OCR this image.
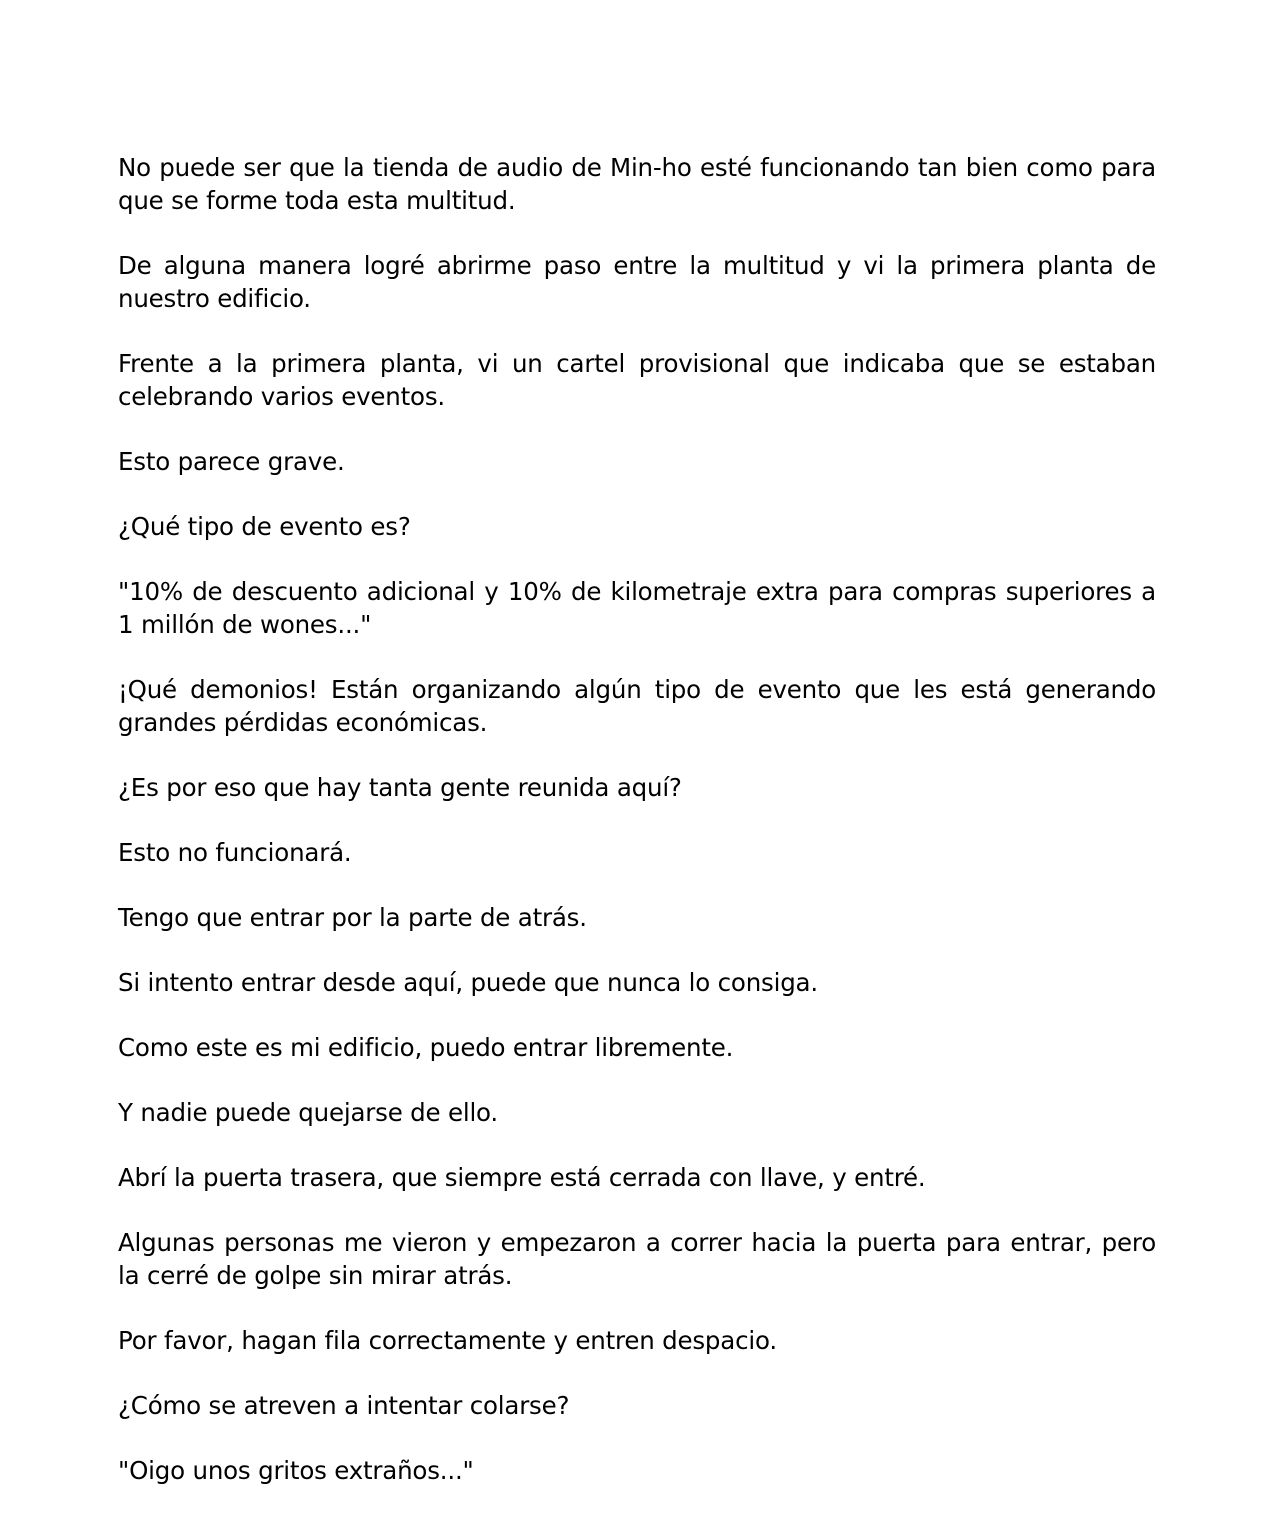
No puede ser que la tienda de audio de Min-ho esté funcionando tan bien como para que se forme toda esta multitud.

De alguna manera logré abrirme paso entre la multitud y vi la primera planta de nuestro edificio.

Frente a la primera planta, vi un cartel provisional que indicaba que se estaban celebrando varios eventos.

Esto parece grave.

¿Qué tipo de evento es?

"10% de descuento adicional y 10% de kilometraje extra para compras superiores a 1 millón de wones..."

¡Qué demonios! Están organizando algún tipo de evento que les está generando grandes pérdidas económicas.

¿Es por eso que hay tanta gente reunida aquí?

Esto no funcionará.

Tengo que entrar por la parte de atrás.

Si intento entrar desde aquí, puede que nunca lo consiga.

Como este es mi edificio, puedo entrar libremente.

Y nadie puede quejarse de ello.

Abrí la puerta trasera, que siempre está cerrada con llave, y entré.

Algunas personas me vieron y empezaron a correr hacia la puerta para entrar, pero la cerré de golpe sin mirar atrás.

Por favor, hagan fila correctamente y entren despacio.

¿Cómo se atreven a intentar colarse?

"Oigo unos gritos extraños..."
